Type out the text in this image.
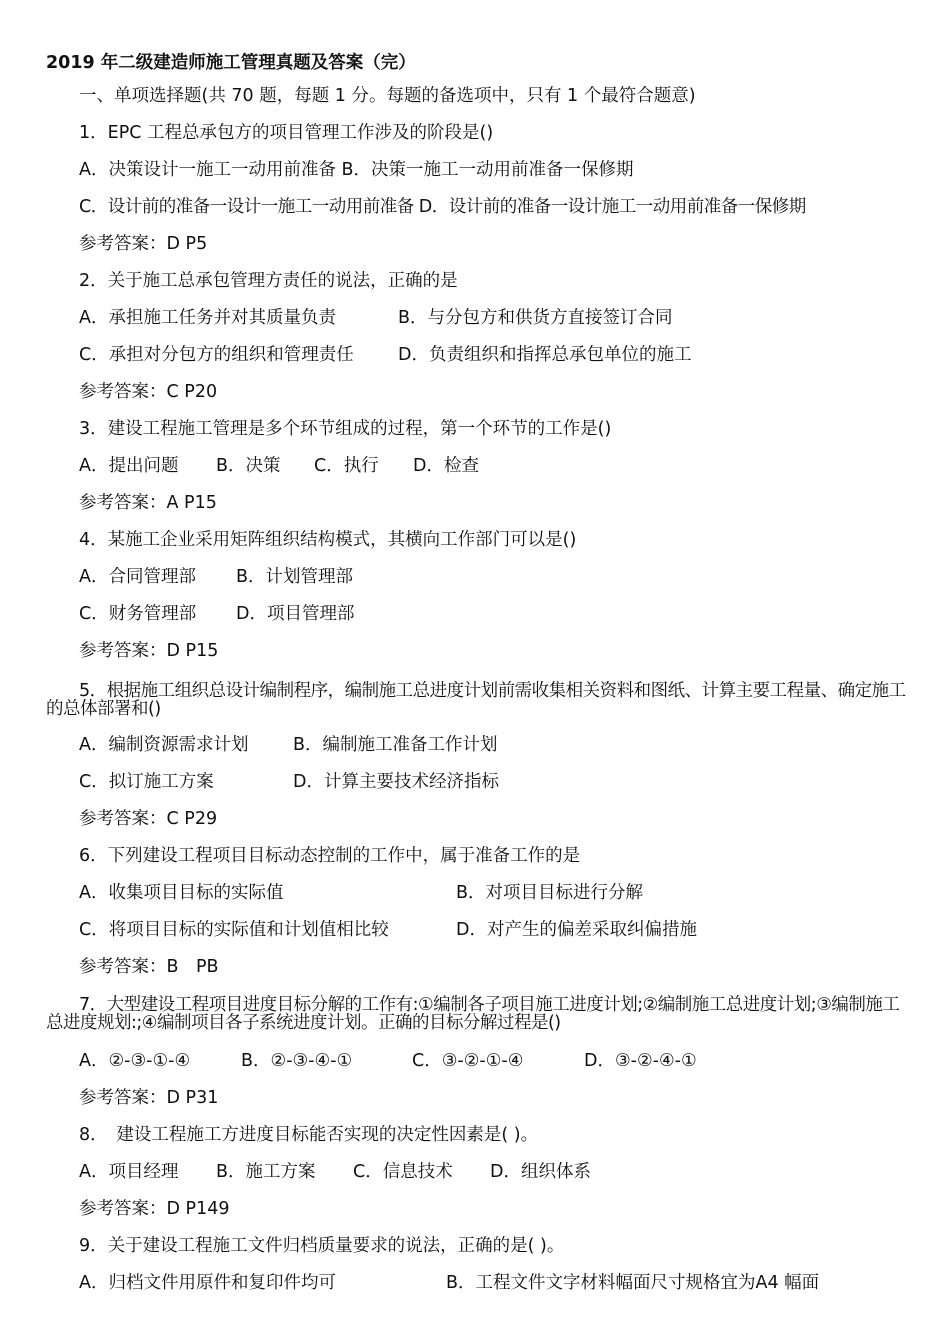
2019 年二级建造师施工管理真题及答案（完）
一、单项选择题(共 70 题，每题 1 分。每题的备选项中，只有 1 个最符合题意)
1．EPC 工程总承包方的项目管理工作涉及的阶段是()
A．决策设计一施工一动用前准备 B．决策一施工一动用前准备一保修期
C．设计前的准备一设计一施工一动用前准备 D．设计前的准备一设计施工一动用前准备一保修期
参考答案：D P5
2．关于施工总承包管理方责任的说法，正确的是
A．承担施工任务并对其质量负责	B．与分包方和供货方直接签订合同
C．承担对分包方的组织和管理责任	D．负责组织和指挥总承包单位的施工
参考答案：C P20
3．建设工程施工管理是多个环节组成的过程，第一个环节的工作是()
A．提出问题 B．决策 C．执行 D．检查
参考答案：A P15
4．某施工企业采用矩阵组织结构模式，其横向工作部门可以是()
A．合同管理部 B．计划管理部
C．财务管理部 D．项目管理部
参考答案：D P15
5．根据施工组织总设计编制程序，编制施工总进度计划前需收集相关资料和图纸、计算主要工程量、确定施工的总体部署和()
A．编制资源需求计划	B．编制施工准备工作计划
C．拟订施工方案	D．计算主要技术经济指标
参考答案：C P29
6．下列建设工程项目目标动态控制的工作中，属于准备工作的是
A．收集项目目标的实际值	B．对项目目标进行分解
C．将项目目标的实际值和计划值相比较	D．对产生的偏差采取纠偏措施
参考答案：B　PB
7．大型建设工程项目进度目标分解的工作有:①编制各子项目施工进度计划;②编制施工总进度计划;③编制施工总进度规划:;④编制项目各子系统进度计划。正确的目标分解过程是()
A．②-③-①-④	B．②-③-④-①	C．③-②-①-④	D．③-②-④-①
参考答案：D P31
8．　建设工程施工方进度目标能否实现的决定性因素是( )。
A．项目经理 B．施工方案 C．信息技术 D．组织体系
参考答案：D P149
9．关于建设工程施工文件归档质量要求的说法，正确的是( )。
A．归档文件用原件和复印件均可	B．工程文件文字材料幅面尺寸规格宜为A4 幅面
